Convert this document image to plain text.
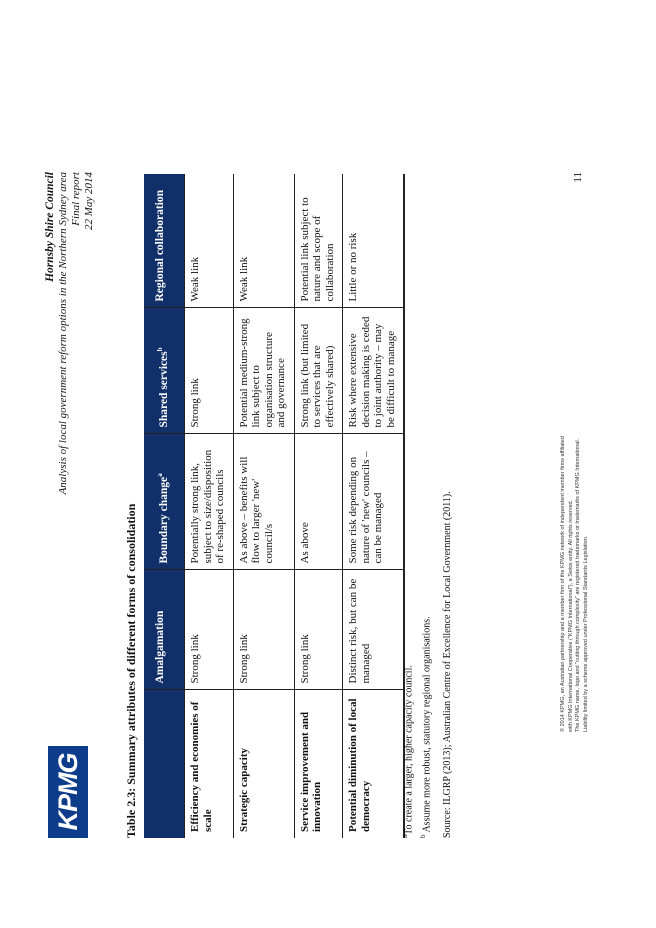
KPMG
Hornsby Shire Council Analysis of local government reform options in the Northern Sydney area Final report 22 May 2014
Table 2.3: Summary attributes of different forms of consolidation
	Amalgamation	Boundary change$^a$	Shared services$^b$	Regional collaboration
Efficiency and economies of scale	Strong link	Potentially strong link, subject to size/disposition of re-shaped councils	Strong link	Weak link
Strategic capacity	Strong link	As above – benefits will flow to larger 'new' council/s	Potential medium-strong link subject to organisation structure and governance	Weak link
Service improvement and innovation	Strong link	As above	Strong link (but limited to services that are effectively shared)	Potential link subject to nature and scope of collaboration
Potential diminution of local democracy	Distinct risk, but can be managed	Some risk depending on nature of 'new' councils – can be managed	Risk where extensive decision making is ceded to joint authority – may be difficult to manage	Little or no risk
$^a$To create a larger, higher capacity council.
$^b$ Assume more robust, statutory regional organisations. Source: ILGRP (2013); Australian Centre of Excellence for Local Government (2011).	© 2014 KPMG, an Australian partnership and a member firm of the KPMG network of independent member firms affiliated with KPMG International Cooperative ("KPMG International"), a Swiss entity. All rights reserved. The KPMG name, logo and "cutting through complexity" are registered trademarks or trademarks of KPMG International. Liability limited by a scheme approved under Professional Standards Legislation.
11
